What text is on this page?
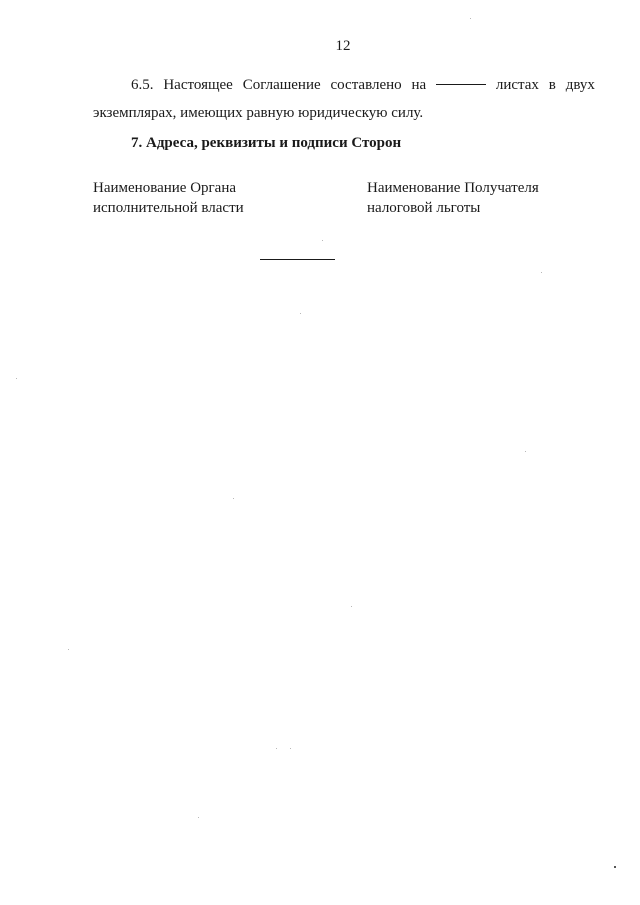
12
6.5. Настоящее Соглашение составлено на	листах в двух
экземплярах, имеющих равную юридическую силу.
7. Адреса, реквизиты и подписи Сторон
Наименование Органа
исполнительной власти
Наименование Получателя
налоговой льготы
